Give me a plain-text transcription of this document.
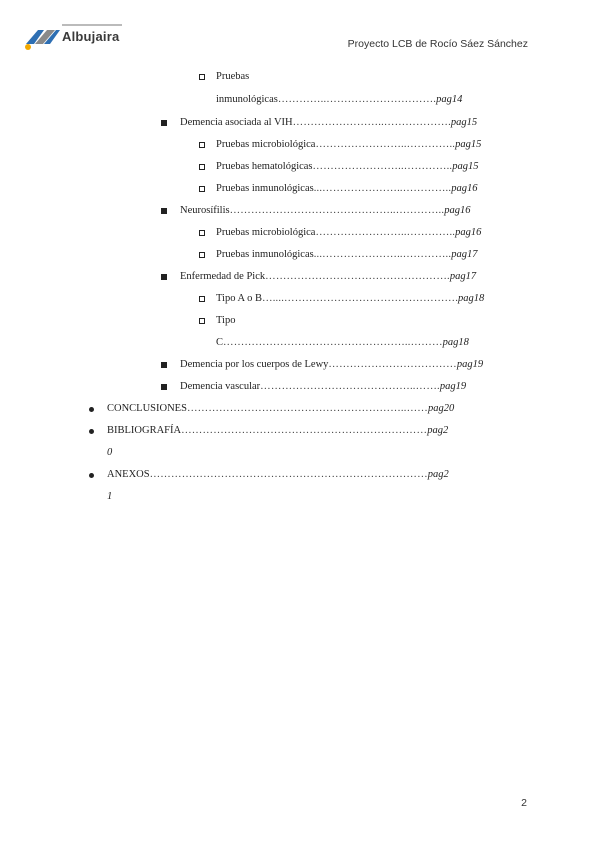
Albujaira	Proyecto LCB de Rocío Sáez Sánchez
Pruebas
inmunológicas…………..………………………….pag14
Demencia asociada al VIH……………………..……………….pag15
Pruebas microbiológica……………………..…………..pag15
Pruebas hematológicas……………………..…………..pag15
Pruebas inmunológicas...…………………..…………..pag16
Neurosífilis………………………………………..…………..pag16
Pruebas microbiológica……………………..…………..pag16
Pruebas inmunológicas...…………………..…………..pag17
Enfermedad de Pick…………………………………………….pag17
Tipo A o B…....………………………………………….pag18
Tipo
C……………………………………………..………pag18
Demencia por los cuerpos de Lewy………………………………pag19
Demencia vascular……………………………………..…….pag19
CONCLUSIONES……………………………………………………..……pag20
BIBLIOGRAFÍA……………………………………………………………pag2
0
ANEXOS……………………………………………………………………pag2
1
2
